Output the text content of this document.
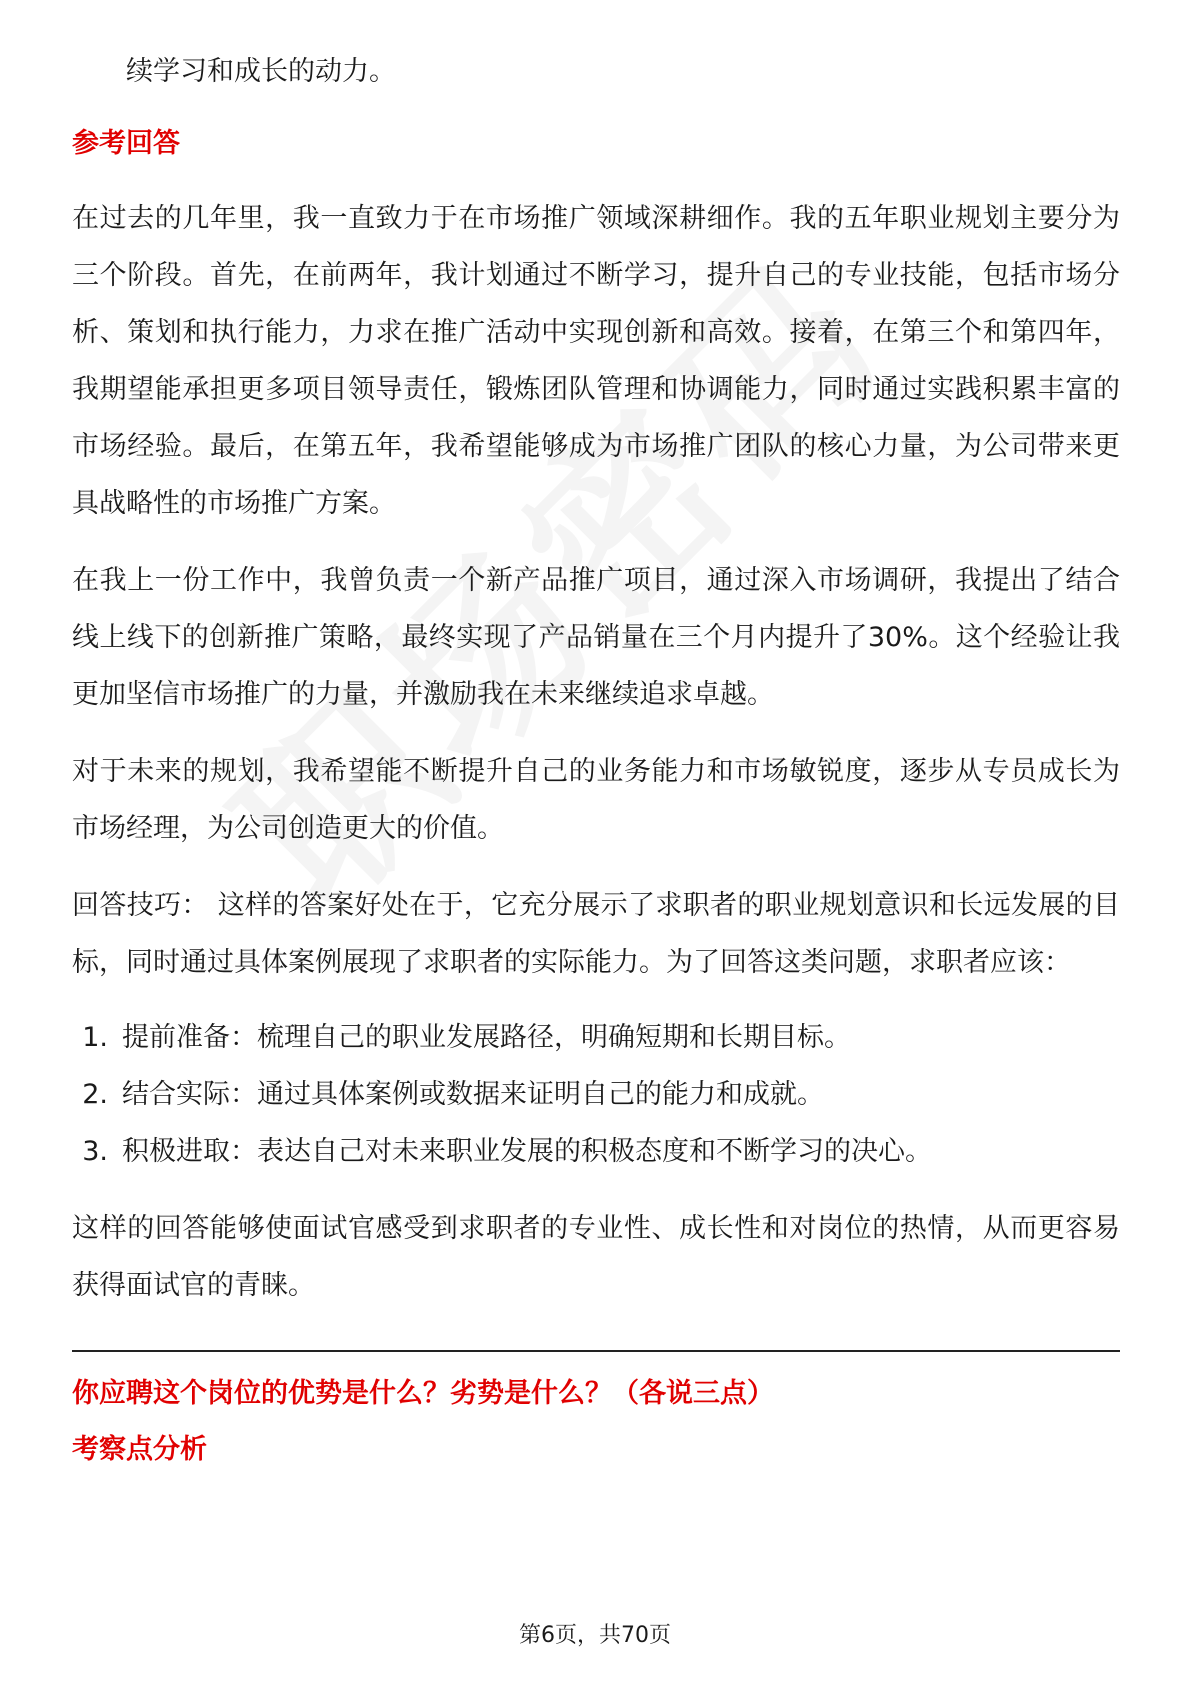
续学习和成长的动力。
参考回答

在过去的几年里，我一直致力于在市场推广领域深耕细作。我的五年职业规划主要分为三个阶段。首先，在前两年，我计划通过不断学习，提升自己的专业技能，包括市场分析、策划和执行能力，力求在推广活动中实现创新和高效。接着，在第三个和第四年，我期望能承担更多项目领导责任，锻炼团队管理和协调能力，同时通过实践积累丰富的市场经验。最后，在第五年，我希望能够成为市场推广团队的核心力量，为公司带来更具战略性的市场推广方案。

在我上一份工作中，我曾负责一个新产品推广项目，通过深入市场调研，我提出了结合线上线下的创新推广策略，最终实现了产品销量在三个月内提升了30%。这个经验让我更加坚信市场推广的力量，并激励我在未来继续追求卓越。

对于未来的规划，我希望能不断提升自己的业务能力和市场敏锐度，逐步从专员成长为市场经理，为公司创造更大的价值。

回答技巧： 这样的答案好处在于，它充分展示了求职者的职业规划意识和长远发展的目标，同时通过具体案例展现了求职者的实际能力。为了回答这类问题，求职者应该：

1. 提前准备：梳理自己的职业发展路径，明确短期和长期目标。
2. 结合实际：通过具体案例或数据来证明自己的能力和成就。
3. 积极进取：表达自己对未来职业发展的积极态度和不断学习的决心。

这样的回答能够使面试官感受到求职者的专业性、成长性和对岗位的热情，从而更容易获得面试官的青睐。

你应聘这个岗位的优势是什么？劣势是什么？（各说三点）
考察点分析
第6页，共70页
